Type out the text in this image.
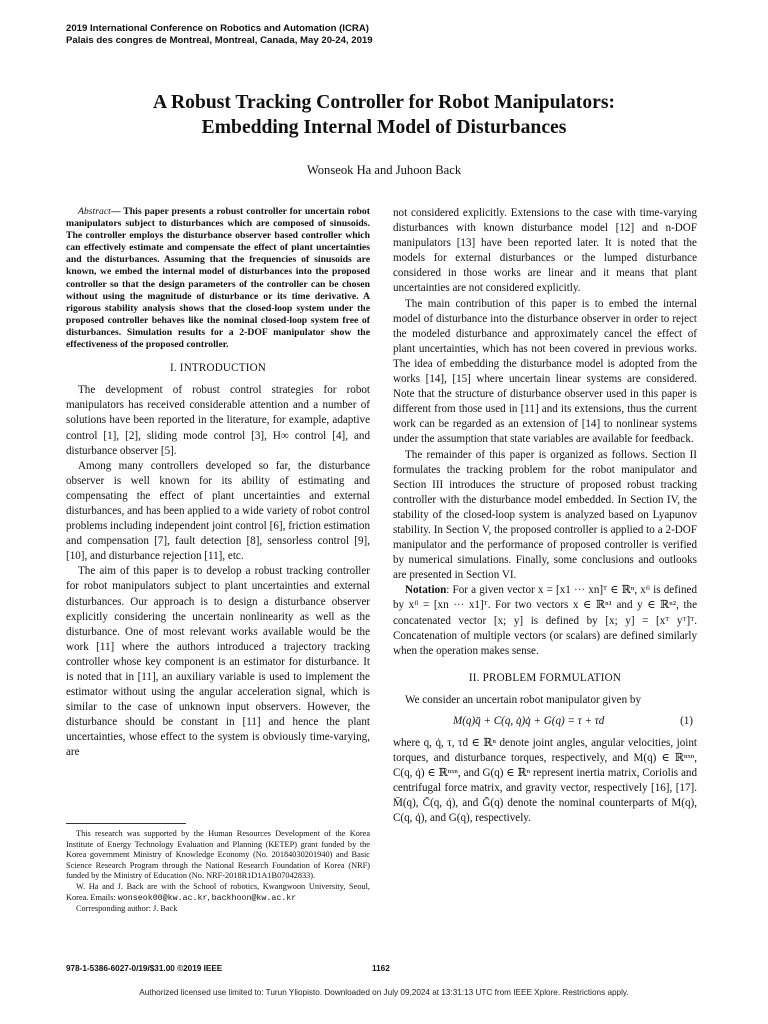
2019 International Conference on Robotics and Automation (ICRA)
Palais des congres de Montreal, Montreal, Canada, May 20-24, 2019
A Robust Tracking Controller for Robot Manipulators:
Embedding Internal Model of Disturbances
Wonseok Ha and Juhoon Back

Abstract— This paper presents a robust controller for uncertain robot manipulators subject to disturbances which are composed of sinusoids. The controller employs the disturbance observer based controller which can effectively estimate and compensate the effect of plant uncertainties and the disturbances. Assuming that the frequencies of sinusoids are known, we embed the internal model of disturbances into the proposed controller so that the design parameters of the controller can be chosen without using the magnitude of disturbance or its time derivative. A rigorous stability analysis shows that the closed-loop system under the proposed controller behaves like the nominal closed-loop system free of disturbances. Simulation results for a 2-DOF manipulator show the effectiveness of the proposed controller.

I. INTRODUCTION

The development of robust control strategies for robot manipulators has received considerable attention and a number of solutions have been reported in the literature, for example, adaptive control [1], [2], sliding mode control [3], H∞ control [4], and disturbance observer [5].

Among many controllers developed so far, the disturbance observer is well known for its ability of estimating and compensating the effect of plant uncertainties and external disturbances, and has been applied to a wide variety of robot control problems including independent joint control [6], friction estimation and compensation [7], fault detection [8], sensorless control [9], [10], and disturbance rejection [11], etc.

The aim of this paper is to develop a robust tracking controller for robot manipulators subject to plant uncertainties and external disturbances. Our approach is to design a disturbance observer explicitly considering the uncertain nonlinearity as well as the disturbance. One of most relevant works available would be the work [11] where the authors introduced a trajectory tracking controller whose key component is an estimator for disturbance. It is noted that in [11], an auxiliary variable is used to implement the estimator without using the angular acceleration signal, which is similar to the case of unknown input observers. However, the disturbance should be constant in [11] and hence the plant uncertainties, whose effect to the system is obviously time-varying, are

not considered explicitly. Extensions to the case with time-varying disturbances with known disturbance model [12] and n-DOF manipulators [13] have been reported later. It is noted that the models for external disturbances or the lumped disturbance considered in those works are linear and it means that plant uncertainties are not considered explicitly.

The main contribution of this paper is to embed the internal model of disturbance into the disturbance observer in order to reject the modeled disturbance and approximately cancel the effect of plant uncertainties, which has not been covered in previous works. The idea of embedding the disturbance model is adopted from the works [14], [15] where uncertain linear systems are considered. Note that the structure of disturbance observer used in this paper is different from those used in [11] and its extensions, thus the current work can be regarded as an extension of [14] to nonlinear systems under the assumption that state variables are available for feedback.

The remainder of this paper is organized as follows. Section II formulates the tracking problem for the robot manipulator and Section III introduces the structure of proposed robust tracking controller with the disturbance model embedded. In Section IV, the stability of the closed-loop system is analyzed based on Lyapunov stability. In Section V, the proposed controller is applied to a 2-DOF manipulator and the performance of proposed controller is verified by numerical simulations. Finally, some conclusions and outlooks are presented in Section VI.

Notation: For a given vector x = [x1 ··· xn]ᵀ ∈ ℝⁿ, xᶠˡ is defined by xᶠˡ = [xn ··· x1]ᵀ. For two vectors x ∈ ℝⁿ¹ and y ∈ ℝⁿ², the concatenated vector [x; y] is defined by [x; y] = [xᵀ yᵀ]ᵀ. Concatenation of multiple vectors (or scalars) are defined similarly when the operation makes sense.

II. PROBLEM FORMULATION

We consider an uncertain robot manipulator given by

M(q)q̈ + C(q, q̇)q̇ + G(q) = τ + τd	(1)

where q, q̇, τ, τd ∈ ℝⁿ denote joint angles, angular velocities, joint torques, and disturbance torques, respectively, and M(q) ∈ ℝⁿˣⁿ, C(q, q̇) ∈ ℝⁿˣⁿ, and G(q) ∈ ℝⁿ represent inertia matrix, Coriolis and centrifugal force matrix, and gravity vector, respectively [16], [17]. M̄(q), C̄(q, q̇), and Ḡ(q) denote the nominal counterparts of M(q), C(q, q̇), and G(q), respectively.

This research was supported by the Human Resources Development of the Korea Institute of Energy Technology Evaluation and Planning (KETEP) grant funded by the Korea government Ministry of Knowledge Economy (No. 20184030201940) and Basic Science Research Program through the National Research Foundation of Korea (NRF) funded by the Ministry of Education (No. NRF-2018R1D1A1B07042833).

W. Ha and J. Back are with the School of robotics, Kwangwoon University, Seoul, Korea. Emails: wonseok00@kw.ac.kr, backhoon@kw.ac.kr

Corresponding author: J. Back

978-1-5386-6027-0/19/$31.00 ©2019 IEEE	1162
Authorized licensed use limited to: Turun Yliopisto. Downloaded on July 09,2024 at 13:31:13 UTC from IEEE Xplore. Restrictions apply.
